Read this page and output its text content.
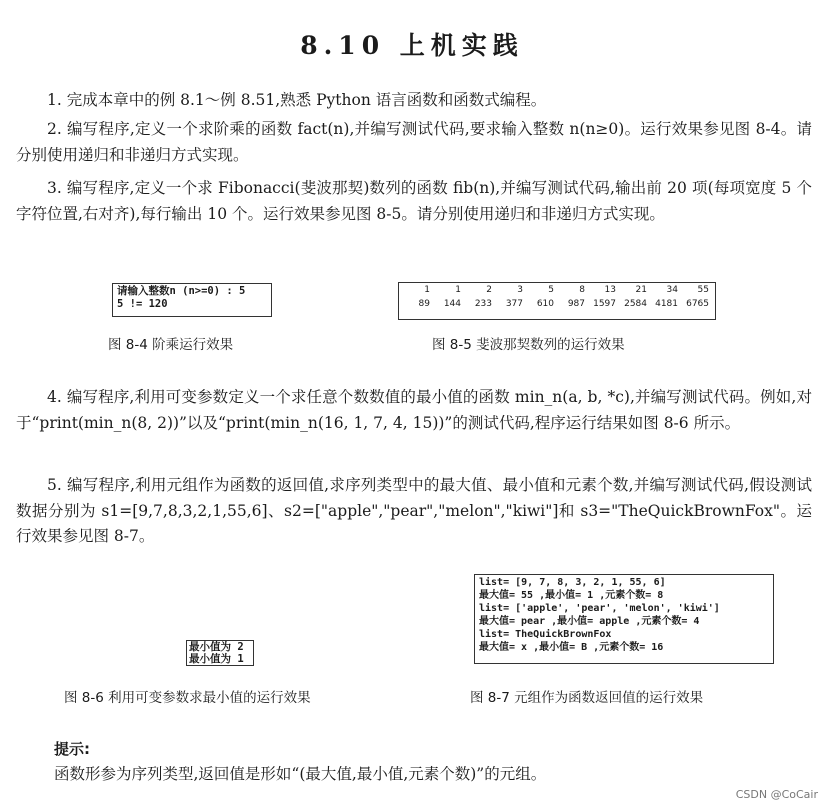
8.10 上机实践
1. 完成本章中的例 8.1～例 8.51,熟悉 Python 语言函数和函数式编程。
2. 编写程序,定义一个求阶乘的函数 fact(n),并编写测试代码,要求输入整数 n(n≥0)。运行效果参见图 8-4。请分别使用递归和非递归方式实现。
3. 编写程序,定义一个求 Fibonacci(斐波那契)数列的函数 fib(n),并编写测试代码,输出前 20 项(每项宽度 5 个字符位置,右对齐),每行输出 10 个。运行效果参见图 8-5。请分别使用递归和非递归方式实现。
请输入整数n (n>=0) : 5
5 != 120
图 8-4 阶乘运行效果
1	1	2	3	5	8	13	21	34	55
89	144	233	377	610	987 1597 2584 4181 6765
图 8-5 斐波那契数列的运行效果
4. 编写程序,利用可变参数定义一个求任意个数数值的最小值的函数 min_n(a, b, *c),并编写测试代码。例如,对于“print(min_n(8, 2))”以及“print(min_n(16, 1, 7, 4, 15))”的测试代码,程序运行结果如图 8-6 所示。
5. 编写程序,利用元组作为函数的返回值,求序列类型中的最大值、最小值和元素个数,并编写测试代码,假设测试数据分别为 s1=[9,7,8,3,2,1,55,6]、s2=["apple","pear","melon","kiwi"]和 s3="TheQuickBrownFox"。运行效果参见图 8-7。
最小值为 2
最小值为 1
图 8-6 利用可变参数求最小值的运行效果
list= [9, 7, 8, 3, 2, 1, 55, 6]
最大值= 55 ,最小值= 1 ,元素个数= 8
list= ['apple', 'pear', 'melon', 'kiwi']
最大值= pear ,最小值= apple ,元素个数= 4
list= TheQuickBrownFox
最大值= x ,最小值= B ,元素个数= 16
图 8-7 元组作为函数返回值的运行效果
提示:
函数形参为序列类型,返回值是形如“(最大值,最小值,元素个数)”的元组。
CSDN @CoCair
